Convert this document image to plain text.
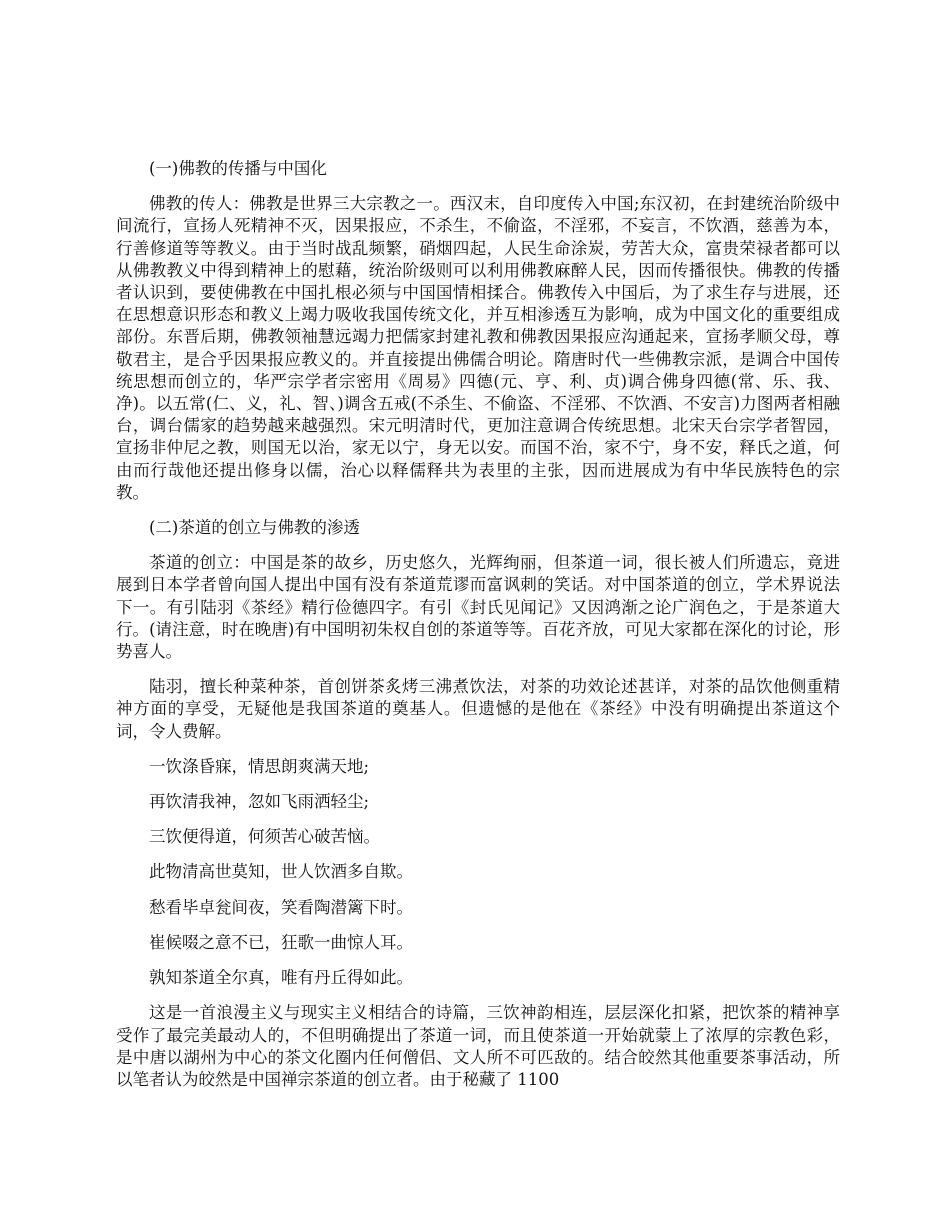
(一)佛教的传播与中国化

佛教的传人：佛教是世界三大宗教之一。西汉末，自印度传入中国;东汉初，在封建统治阶级中间流行，宣扬人死精神不灭，因果报应，不杀生，不偷盗，不淫邪，不妄言，不饮酒，慈善为本，行善修道等等教义。由于当时战乱频繁，硝烟四起，人民生命涂炭，劳苦大众，富贵荣禄者都可以从佛教教义中得到精神上的慰藉，统治阶级则可以利用佛教麻醉人民，因而传播很快。佛教的传播者认识到，要使佛教在中国扎根必须与中国国情相揉合。佛教传入中国后，为了求生存与进展，还在思想意识形态和教义上竭力吸收我国传统文化，并互相渗透互为影响，成为中国文化的重要组成部份。东晋后期，佛教领袖慧远竭力把儒家封建礼教和佛教因果报应沟通起来，宣扬孝顺父母，尊敬君主，是合乎因果报应教义的。并直接提出佛儒合明论。隋唐时代一些佛教宗派，是调合中国传统思想而创立的，华严宗学者宗密用《周易》四德(元、亨、利、贞)调合佛身四德(常、乐、我、净)。以五常(仁、义，礼、智、)调含五戒(不杀生、不偷盗、不淫邪、不饮酒、不安言)力图两者相融台，调台儒家的趋势越来越强烈。宋元明清时代，更加注意调合传统思想。北宋天台宗学者智园，宣扬非仲尼之教，则国无以治，家无以宁，身无以安。而国不治，家不宁，身不安，释氏之道，何由而行哉他还提出修身以儒，治心以释儒释共为表里的主张，因而进展成为有中华民族特色的宗教。

(二)茶道的创立与佛教的渗透

茶道的创立：中国是茶的故乡，历史悠久，光辉绚丽，但茶道一词，很长被人们所遗忘，竟进展到日本学者曾向国人提出中国有没有茶道荒谬而富讽刺的笑话。对中国茶道的创立，学术界说法下一。有引陆羽《茶经》精行俭德四字。有引《封氏见闻记》又因鸿渐之论广润色之，于是茶道大行。(请注意，时在晚唐)有中国明初朱权自创的茶道等等。百花齐放，可见大家都在深化的讨论，形势喜人。

陆羽，擅长种菜种茶，首创饼茶炙烤三沸煮饮法，对茶的功效论述甚详，对茶的品饮他侧重精神方面的享受，无疑他是我国茶道的奠基人。但遗憾的是他在《茶经》中没有明确提出茶道这个词，令人费解。

一饮涤昏寐，情思朗爽满天地;

再饮清我神，忽如飞雨洒轻尘;

三饮便得道，何须苦心破苦恼。

此物清高世莫知，世人饮酒多自欺。

愁看毕卓瓮间夜，笑看陶潜篱下时。

崔候啜之意不已，狂歌一曲惊人耳。

孰知茶道全尔真，唯有丹丘得如此。

这是一首浪漫主义与现实主义相结合的诗篇，三饮神韵相连，层层深化扣紧，把饮茶的精神享受作了最完美最动人的，不但明确提出了茶道一词，而且使茶道一开始就蒙上了浓厚的宗教色彩，是中唐以湖州为中心的茶文化圈内任何僧侣、文人所不可匹敌的。结合皎然其他重要茶事活动，所以笔者认为皎然是中国禅宗茶道的创立者。由于秘藏了 1100
